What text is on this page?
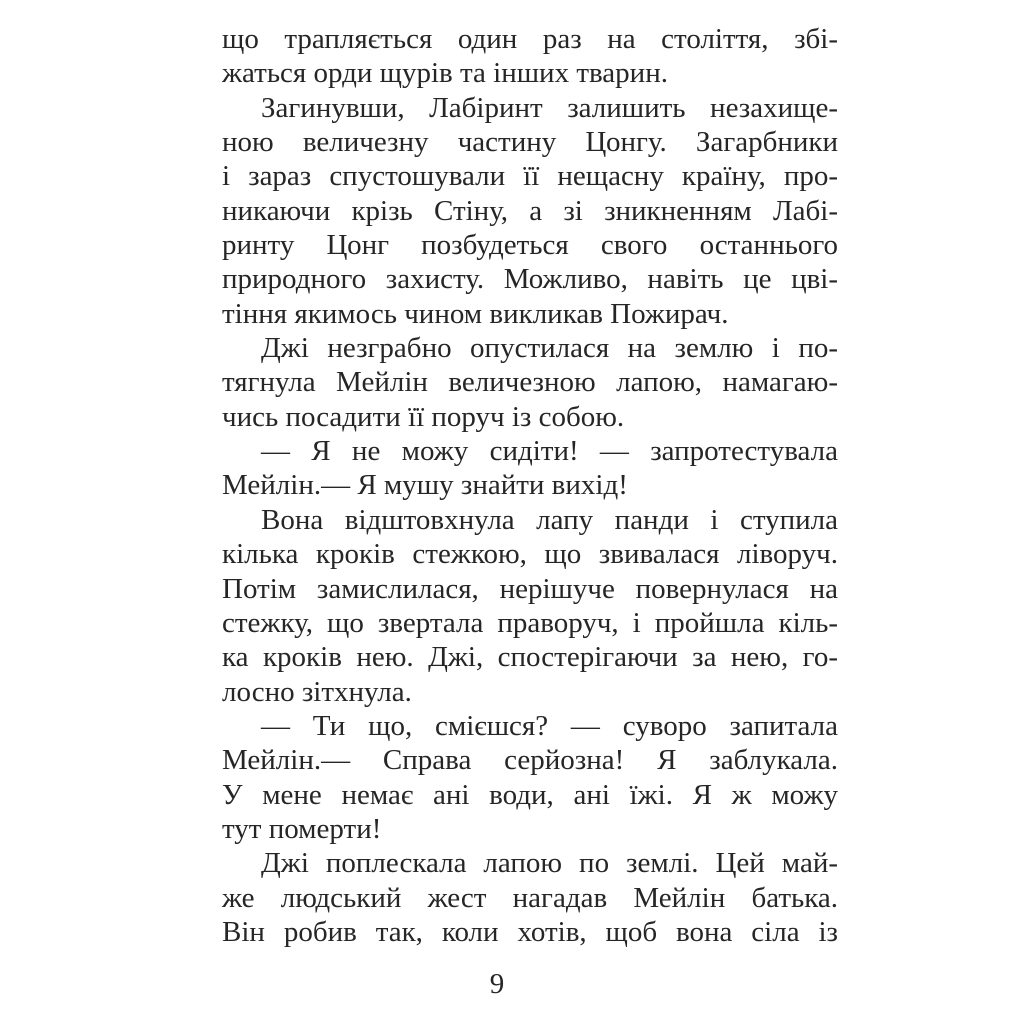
що трапляється один раз на століття, збі-
жаться орди щурів та інших тварин.
Загинувши, Лабіринт залишить незахище-
ною величезну частину Цонгу. Загарбники
і зараз спустошували її нещасну країну, про-
никаючи крізь Стіну, а зі зникненням Лабі-
ринту Цонг позбудеться свого останнього
природного захисту. Можливо, навіть це цві-
тіння якимось чином викликав Пожирач.
Джі незграбно опустилася на землю і по-
тягнула Мейлін величезною лапою, намагаю-
чись посадити її поруч із собою.
— Я не можу сидіти! — запротестувала
Мейлін.— Я мушу знайти вихід!
Вона відштовхнула лапу панди і ступила
кілька кроків стежкою, що звивалася ліворуч.
Потім замислилася, нерішуче повернулася на
стежку, що звертала праворуч, і пройшла кіль-
ка кроків нею. Джі, спостерігаючи за нею, го-
лосно зітхнула.
— Ти що, смієшся? — суворо запитала
Мейлін.— Справа серйозна! Я заблукала.
У мене немає ані води, ані їжі. Я ж можу
тут померти!
Джі поплескала лапою по землі. Цей май-
же людський жест нагадав Мейлін батька.
Він робив так, коли хотів, щоб вона сіла із
9
